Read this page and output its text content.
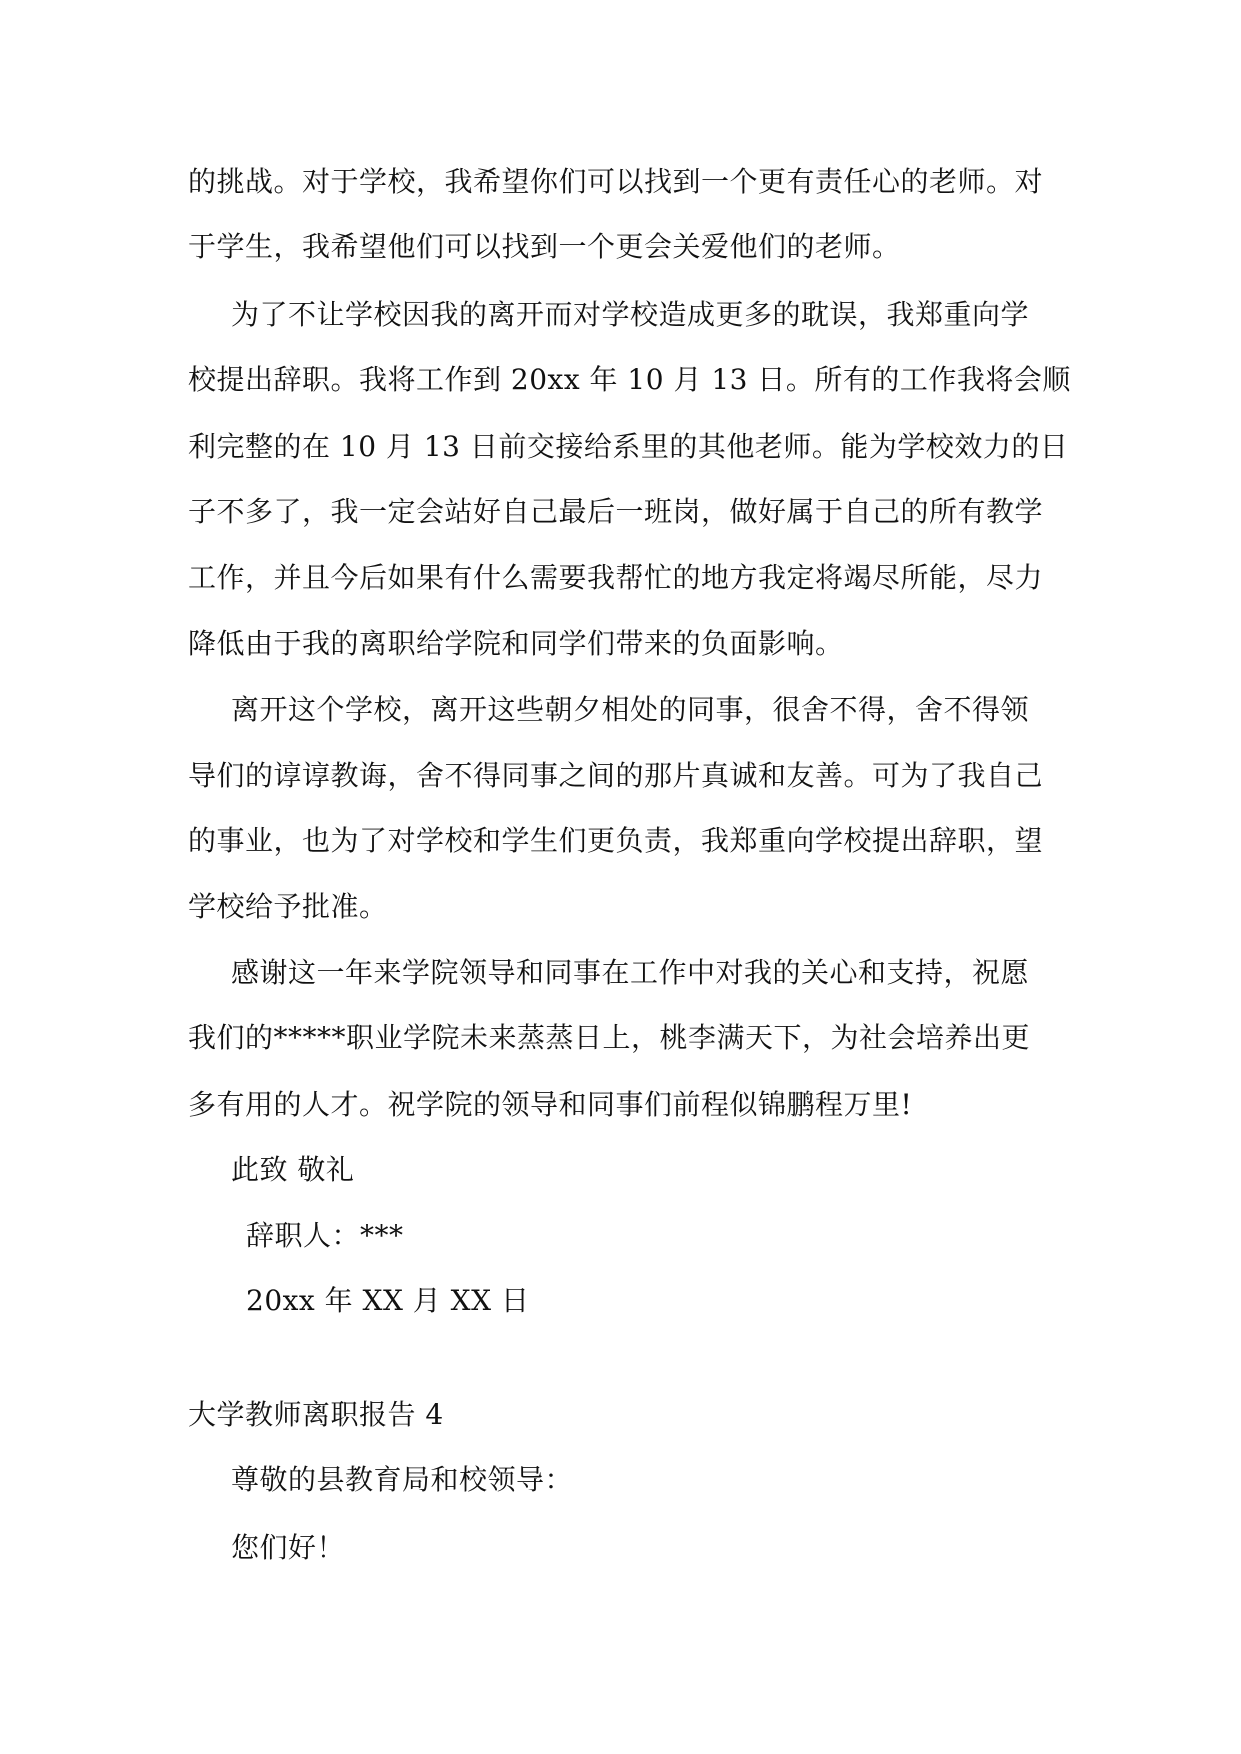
的挑战。对于学校，我希望你们可以找到一个更有责任心的老师。对
于学生，我希望他们可以找到一个更会关爱他们的老师。
为了不让学校因我的离开而对学校造成更多的耽误，我郑重向学
校提出辞职。我将工作到 20xx 年 10 月 13 日。所有的工作我将会顺
利完整的在 10 月 13 日前交接给系里的其他老师。能为学校效力的日
子不多了，我一定会站好自己最后一班岗，做好属于自己的所有教学
工作，并且今后如果有什么需要我帮忙的地方我定将竭尽所能，尽力
降低由于我的离职给学院和同学们带来的负面影响。
离开这个学校，离开这些朝夕相处的同事，很舍不得，舍不得领
导们的谆谆教诲，舍不得同事之间的那片真诚和友善。可为了我自己
的事业，也为了对学校和学生们更负责，我郑重向学校提出辞职，望
学校给予批准。
感谢这一年来学院领导和同事在工作中对我的关心和支持，祝愿
我们的*****职业学院未来蒸蒸日上，桃李满天下，为社会培养出更
多有用的人才。祝学院的领导和同事们前程似锦鹏程万里!
此致 敬礼
辞职人：***
20xx 年 XX 月 XX 日
大学教师离职报告 4
尊敬的县教育局和校领导：
您们好！
